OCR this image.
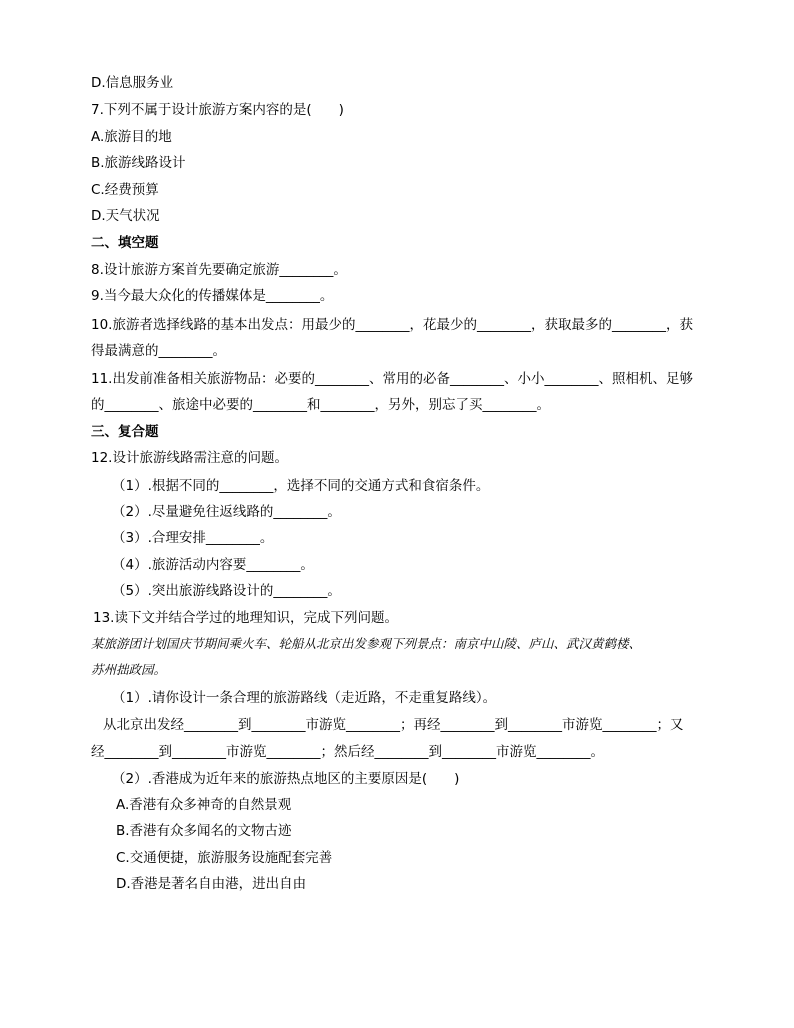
D.信息服务业
7.下列不属于设计旅游方案内容的是(　　)
A.旅游目的地
B.旅游线路设计
C.经费预算
D.天气状况
二、填空题
8.设计旅游方案首先要确定旅游________。
9.当今最大众化的传播媒体是________。
10.旅游者选择线路的基本出发点：用最少的________，花最少的________，获取最多的________，获
得最满意的________。
11.出发前准备相关旅游物品：必要的________、常用的必备________、小小________、照相机、足够
的________、旅途中必要的________和________，另外，别忘了买________。
三、复合题
12.设计旅游线路需注意的问题。
（1）.根据不同的________，选择不同的交通方式和食宿条件。
（2）.尽量避免往返线路的________。
（3）.合理安排________。
（4）.旅游活动内容要________。
（5）.突出旅游线路设计的________。
13.读下文并结合学过的地理知识，完成下列问题。
某旅游团计划国庆节期间乘火车、轮船从北京出发参观下列景点：南京中山陵、庐山、武汉黄鹤楼、
苏州拙政园。
（1）.请你设计一条合理的旅游路线（走近路，不走重复路线）。
从北京出发经________到________市游览________；再经________到________市游览________；又
经________到________市游览________；然后经________到________市游览________。
（2）.香港成为近年来的旅游热点地区的主要原因是(　　)
A.香港有众多神奇的自然景观
B.香港有众多闻名的文物古迹
C.交通便捷，旅游服务设施配套完善
D.香港是著名自由港，进出自由
